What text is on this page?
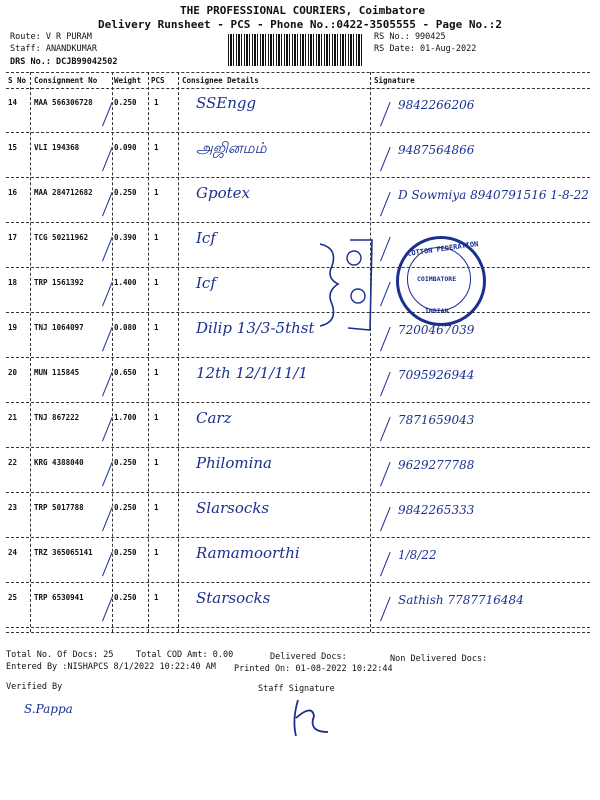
THE PROFESSIONAL COURIERS, Coimbatore
Delivery Runsheet - PCS - Phone No.:0422-3505555 - Page No.:2
Route: V R PURAM
Staff: ANANDKUMAR
DRS No.: DCJB99042502
RS No.: 990425
RS Date: 01-Aug-2022
S No Consignment No Weight PCS Consignee Details	Signature
14 MAA 566306728	0.250 1 SSEngg	9842266206
15 VLI 194368	0.090 1 அஜினமம்	9487564866
16 MAA 284712682	0.250 1 Gpotex	D Sowmiya 8940791516 1-8-22
17 TCG 50211962	0.390 1 Icf
18 TRP 1561392	1.400 1 Icf
19 TNJ 1064097	0.080 1 Dilip 13/3-5thst	7200467039
20 MUN 115845	0.650 1 12th 12/1/11/1	7095926944
21 TNJ 867222	1.700 1 Carz	7871659043
22 KRG 4388040	0.250 1 Philomina	9629277788
23 TRP 5017788	0.250 1 Slarsocks	9842265333
24 TRZ 365065141	0.250 1 Ramamoorthi	1/8/22
25 TRP 6530941	0.250 1 Starsocks	Sathish 7787716484
COTTON FEDERATION
COIMBATORE
INDIAN
Total No. Of Docs: 25	Total COD Amt: 0.00	Delivered Docs:	Non Delivered Docs:
Entered By :NISHAPCS 8/1/2022 10:22:40 AM Printed On: 01-08-2022 10:22:44
Verified By	Staff Signature
S.Pappa
